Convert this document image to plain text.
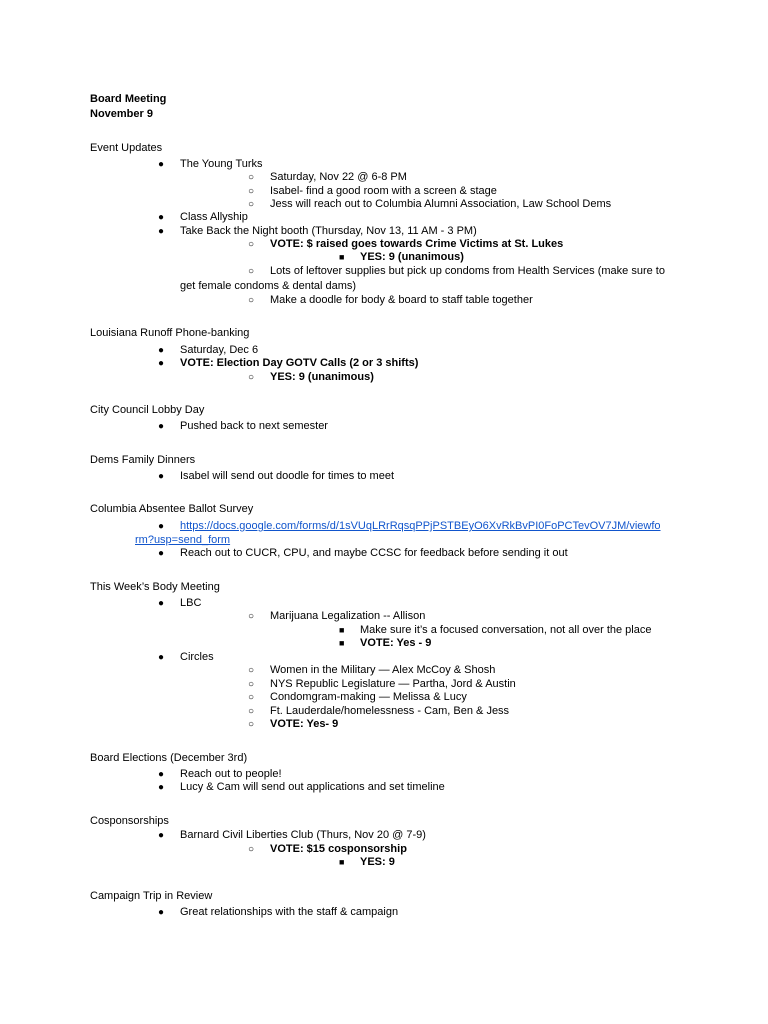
Board Meeting
November 9
Event Updates
● The Young Turks
○ Saturday, Nov 22 @ 6-8 PM
○ Isabel- find a good room with a screen & stage
○ Jess will reach out to Columbia Alumni Association, Law School Dems
● Class Allyship
● Take Back the Night booth (Thursday, Nov 13, 11 AM - 3 PM)
○ VOTE: $ raised goes towards Crime Victims at St. Lukes
■ YES: 9 (unanimous)
○ Lots of leftover supplies but pick up condoms from Health Services (make sure to
get female condoms & dental dams)
○ Make a doodle for body & board to staff table together
Louisiana Runoff Phone-banking
● Saturday, Dec 6
● VOTE: Election Day GOTV Calls (2 or 3 shifts)
○ YES: 9 (unanimous)
City Council Lobby Day
● Pushed back to next semester
Dems Family Dinners
● Isabel will send out doodle for times to meet
Columbia Absentee Ballot Survey
● https://docs.google.com/forms/d/1sVUqLRrRqsqPPjPSTBEyO6XvRkBvPI0FoPCTevOV7JM/viewfo
rm?usp=send_form
● Reach out to CUCR, CPU, and maybe CCSC for feedback before sending it out
This Week’s Body Meeting
● LBC
○ Marijuana Legalization -- Allison
■ Make sure it’s a focused conversation, not all over the place
■ VOTE: Yes - 9
● Circles
○ Women in the Military — Alex McCoy & Shosh
○ NYS Republic Legislature — Partha, Jord & Austin
○ Condomgram-making — Melissa & Lucy
○ Ft. Lauderdale/homelessness - Cam, Ben & Jess
○ VOTE: Yes- 9
Board Elections (December 3rd)
● Reach out to people!
● Lucy & Cam will send out applications and set timeline
Cosponsorships
● Barnard Civil Liberties Club (Thurs, Nov 20 @ 7-9)
○ VOTE: $15 cosponsorship
■ YES: 9
Campaign Trip in Review
● Great relationships with the staff & campaign
